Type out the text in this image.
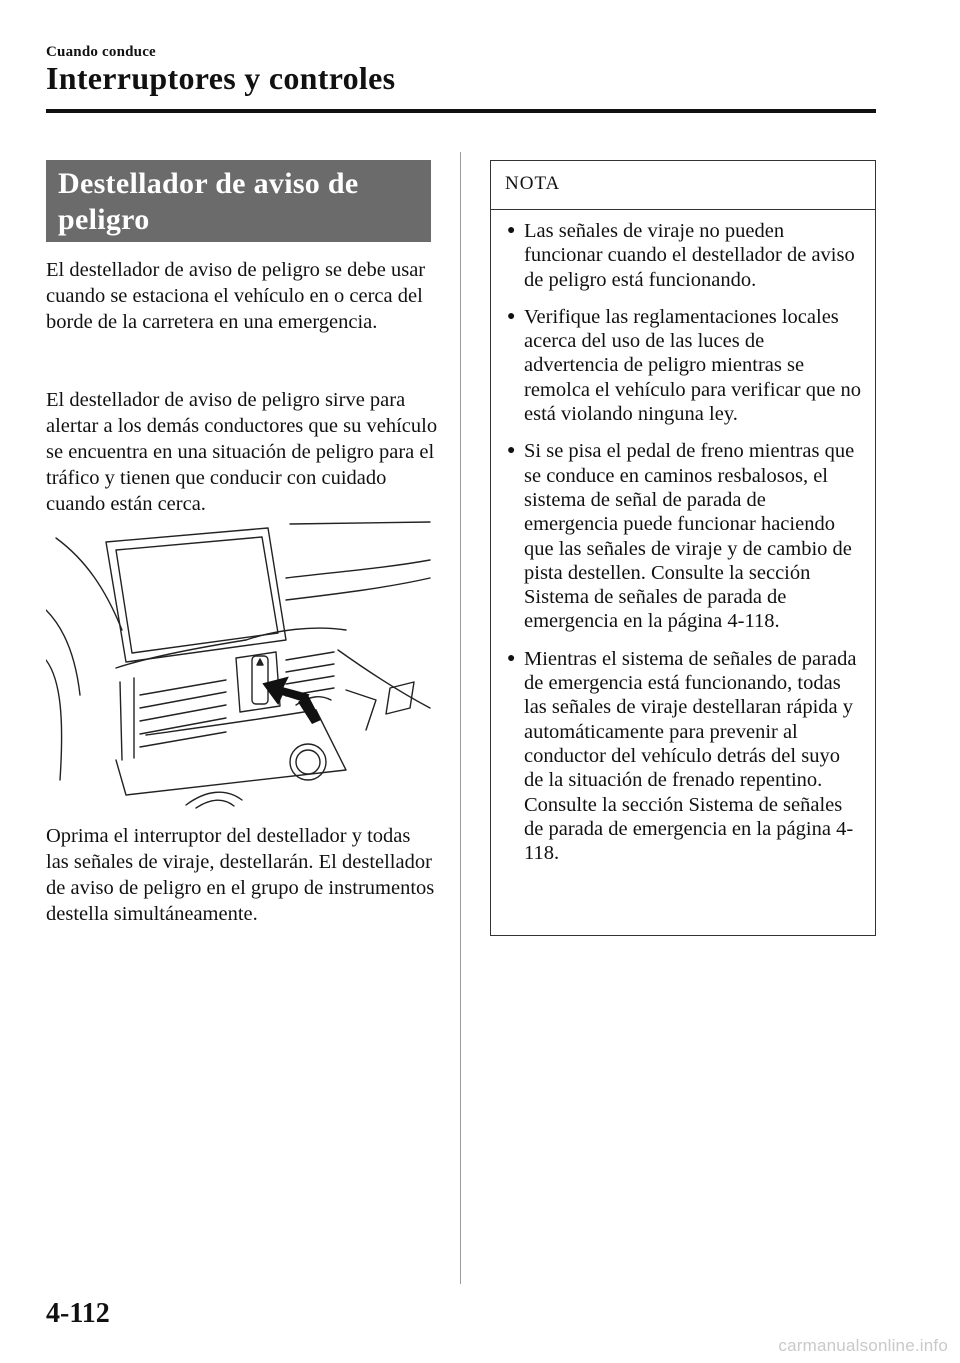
Cuando conduce
Interruptores y controles

Destellador de aviso de

peligro

El destellador de aviso de peligro se debe usar cuando se estaciona el vehículo en o cerca del borde de la carretera en una emergencia.

El destellador de aviso de peligro sirve para alertar a los demás conductores que su vehículo se encuentra en una situación de peligro para el tráfico y tienen que conducir con cuidado cuando están cerca.

Oprima el interruptor del destellador y todas las señales de viraje, destellarán. El destellador de aviso de peligro en el grupo de instrumentos destella simultáneamente.

NOTA
● Las señales de viraje no pueden funcionar cuando el destellador de aviso de peligro está funcionando.
● Verifique las reglamentaciones locales acerca del uso de las luces de advertencia de peligro mientras se remolca el vehículo para verificar que no está violando ninguna ley.
● Si se pisa el pedal de freno mientras que se conduce en caminos resbalosos, el sistema de señal de parada de emergencia puede funcionar haciendo que las señales de viraje y de cambio de pista destellen. Consulte la sección Sistema de señales de parada de emergencia en la página 4-118.
● Mientras el sistema de señales de parada de emergencia está funcionando, todas las señales de viraje destellaran rápida y automáticamente para prevenir al conductor del vehículo detrás del suyo de la situación de frenado repentino. Consulte la sección Sistema de señales de parada de emergencia en la página 4-118.
4-112
carmanualsonline.info
